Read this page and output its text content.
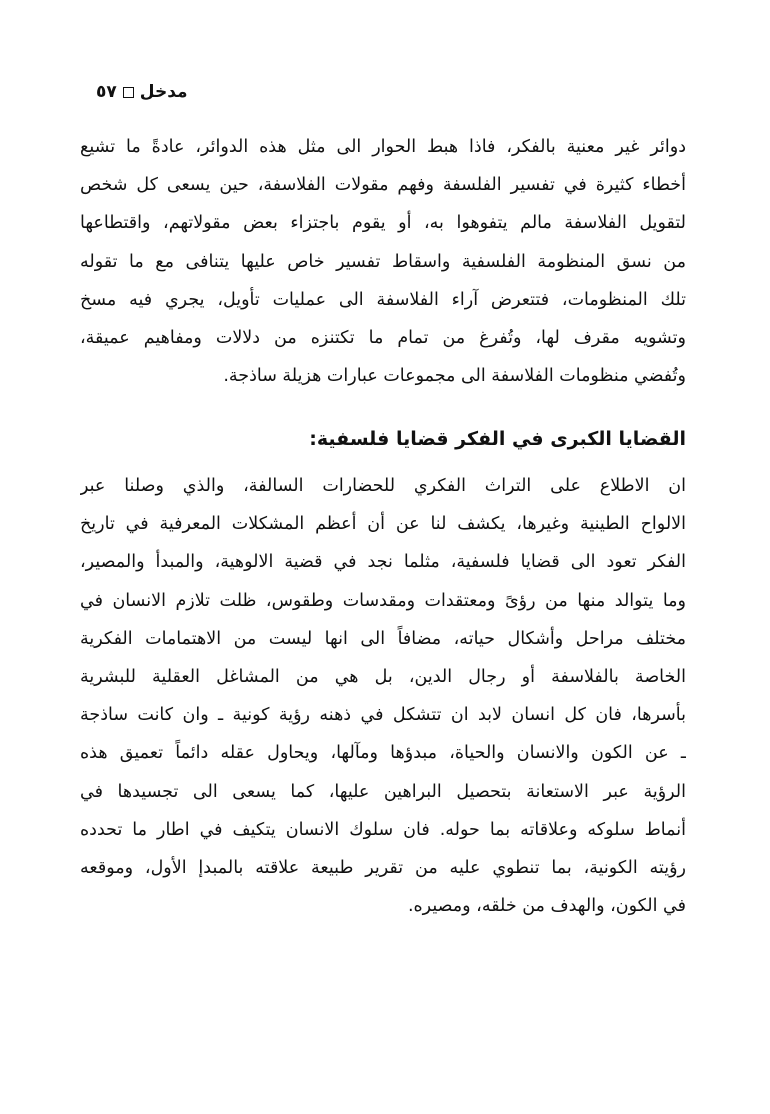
مدخل
٥٧
دوائر غير معنية بالفكر، فاذا هبط الحوار الى مثل هذه الدوائر، عادةً ما تشيع
أخطاء كثيرة في تفسير الفلسفة وفهم مقولات الفلاسفة، حين يسعى كل شخص
لتقويل الفلاسفة مالم يتفوهوا به، أو يقوم باجتزاء بعض مقولاتهم، واقتطاعها
من نسق المنظومة الفلسفية واسقاط تفسير خاص عليها يتنافى مع ما تقوله
تلك المنظومات، فتتعرض آراء الفلاسفة الى عمليات تأويل، يجري فيه مسخ
وتشويه مقرف لها، وتُفرغ من تمام ما تكتنزه من دلالات ومفاهيم عميقة،
وتُفضي منظومات الفلاسفة الى مجموعات عبارات هزيلة ساذجة.
القضايا الكبرى في الفكر قضايا فلسفية:
ان الاطلاع على التراث الفكري للحضارات السالفة، والذي وصلنا عبر
الالواح الطينية وغيرها، يكشف لنا عن أن أعظم المشكلات المعرفية في تاريخ
الفكر تعود الى قضايا فلسفية، مثلما نجد في قضية الالوهية، والمبدأ والمصير،
وما يتوالد منها من رؤىً ومعتقدات ومقدسات وطقوس، ظلت تلازم الانسان في
مختلف مراحل وأشكال حياته، مضافاً الى انها ليست من الاهتمامات الفكرية
الخاصة بالفلاسفة أو رجال الدين، بل هي من المشاغل العقلية للبشرية
بأسرها، فان كل انسان لابد ان تتشكل في ذهنه رؤية كونية ـ وان كانت ساذجة
ـ عن الكون والانسان والحياة، مبدؤها ومآلها، ويحاول عقله دائماً تعميق هذه
الرؤية عبر الاستعانة بتحصيل البراهين عليها، كما يسعى الى تجسيدها في
أنماط سلوكه وعلاقاته بما حوله. فان سلوك الانسان يتكيف في اطار ما تحدده
رؤيته الكونية، بما تنطوي عليه من تقرير طبيعة علاقته بالمبدإ الأول، وموقعه
في الكون، والهدف من خلقه، ومصيره.
